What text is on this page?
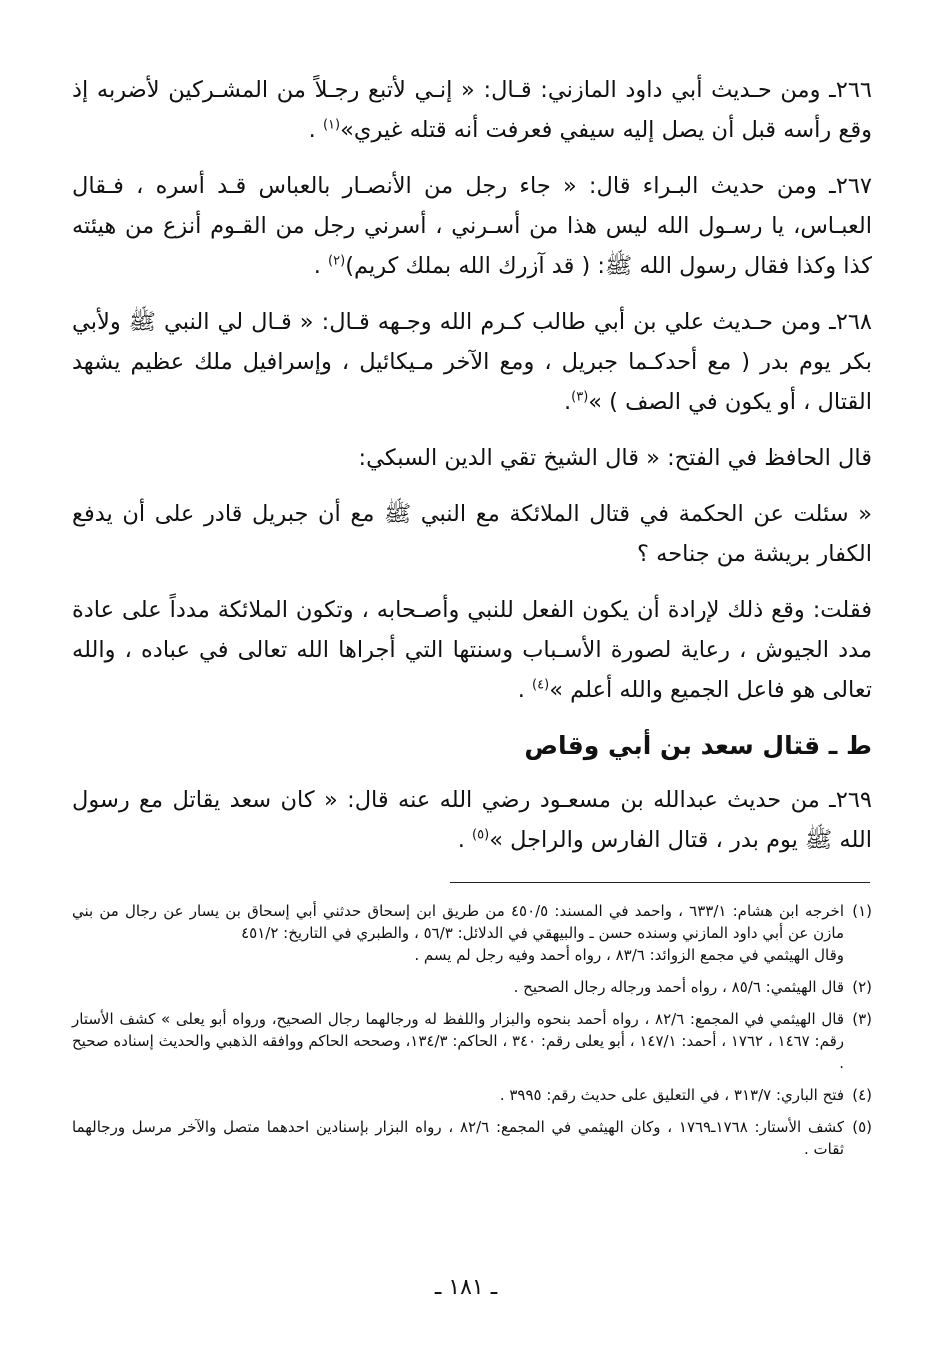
٢٦٦ـ ومن حـديث أبي داود المازني: قـال: « إنـي لأتبع رجـلاً من المشـركين لأضربه إذ وقع رأسه قبل أن يصل إليه سيفي فعرفت أنه قتله غيري»$^{(١)}$ .

٢٦٧ـ ومن حديث البـراء قال: « جاء رجل من الأنصـار بالعباس قـد أسره ، فـقال العبـاس، يا رسـول الله ليس هذا من أسـرني ، أسرني رجل من القـوم أنزع من هيئته كذا وكذا فقال رسول الله ﷺ: ( قد آزرك الله بملك كريم)$^{(٢)}$ .

٢٦٨ـ ومن حـديث علي بن أبي طالب كـرم الله وجـهه قـال: « قـال لي النبي ﷺ ولأبي بكر يوم بدر ( مع أحدكـما جبريل ، ومع الآخر مـيكائيل ، وإسرافيل ملك عظيم يشهد القتال ، أو يكون في الصف ) »$^{(٣)}$.

قال الحافظ في الفتح: « قال الشيخ تقي الدين السبكي:

« سئلت عن الحكمة في قتال الملائكة مع النبي ﷺ مع أن جبريل قادر على أن يدفع الكفار بريشة من جناحه ؟

فقلت: وقع ذلك لإرادة أن يكون الفعل للنبي وأصـحابه ، وتكون الملائكة مدداً على عادة مدد الجيوش ، رعاية لصورة الأسـباب وسنتها التي أجراها الله تعالى في عباده ، والله تعالى هو فاعل الجميع والله أعلم »$^{(٤)}$ .

ط ـ قتال سعد بن أبي وقاص

٢٦٩ـ من حديث عبدالله بن مسعـود رضي الله عنه قال: « كان سعد يقاتل مع رسول الله ﷺ يوم بدر ، قتال الفارس والراجل »$^{(٥)}$ .

(١)
اخرجه ابن هشام: ٦٣٣/١ ، واحمد في المسند: ٤٥٠/٥ من طريق ابن إسحاق حدثني أبي إسحاق بن يسار عن رجال من بني مازن عن أبي داود المازني وسنده حسن ـ والبيهقي في الدلائل: ٥٦/٣ ، والطبري في التاريخ: ٤٥١/٢
وقال الهيثمي في مجمع الزوائد: ٨٣/٦ ، رواه أحمد وفيه رجل لم يسم .
(٢)
قال الهيثمي: ٨٥/٦ ، رواه أحمد ورجاله رجال الصحيح .
(٣)
قال الهيثمي في المجمع: ٨٢/٦ ، رواه أحمد بنحوه والبزار واللفظ له ورجالهما رجال الصحيح، ورواه أبو يعلى » كشف الأستار رقم: ١٤٦٧ ، ١٧٦٢ ، أحمد: ١٤٧/١ ، أبو يعلى رقم: ٣٤٠ ، الحاكم: ١٣٤/٣، وصححه الحاكم ووافقه الذهبي والحديث إسناده صحيح .
(٤)
فتح الباري: ٣١٣/٧ ، في التعليق على حديث رقم: ٣٩٩٥ .
(٥)
كشف الأستار: ١٧٦٨ـ١٧٦٩ ، وكان الهيثمي في المجمع: ٨٢/٦ ، رواه البزار بإسنادين احدهما متصل والآخر مرسل ورجالهما ثقات .
ـ ١٨١ ـ
